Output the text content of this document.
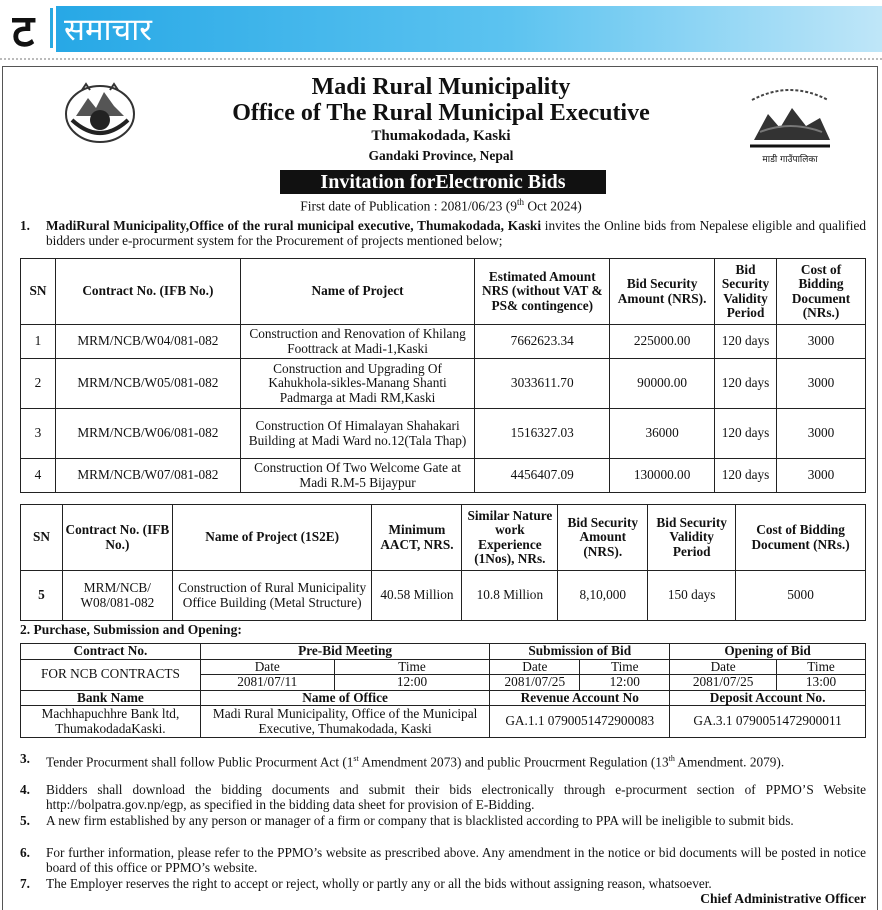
ट समाचार
माडी गाउँपालिका
Madi Rural Municipality
Office of The Rural Municipal Executive
Thumakodada, Kaski
Gandaki Province, Nepal
Invitation forElectronic Bids
First date of Publication : 2081/06/23 (9th Oct 2024)
1. MadiRural Municipality,Office of the rural municipal executive, Thumakodada, Kaski invites the Online bids from Nepalese eligible and qualified bidders under e-procurment system for the Procurement of projects mentioned below;
SN	Contract No. (IFB No.)	Name of Project	Estimated Amount NRS (without VAT & PS& contingence)	Bid Security Amount (NRS).	Bid Security Validity Period	Cost of Bidding Document (NRs.)
1	MRM/NCB/W04/081-082	Construction and Renovation of Khilang Foottrack at Madi-1,Kaski	7662623.34	225000.00	120 days	3000
2	MRM/NCB/W05/081-082	Construction and Upgrading Of Kahukhola-sikles-Manang Shanti Padmarga at Madi RM,Kaski	3033611.70	90000.00	120 days	3000
3	MRM/NCB/W06/081-082	Construction Of Himalayan Shahakari Building at Madi Ward no.12(Tala Thap)	1516327.03	36000	120 days	3000
4	MRM/NCB/W07/081-082	Construction Of Two Welcome Gate at Madi R.M-5 Bijaypur	4456407.09	130000.00	120 days	3000
SN	Contract No. (IFB No.)	Name of Project (1S2E)	Minimum AACT, NRS.	Similar Nature work Experience (1Nos), NRs.	Bid Security Amount (NRS).	Bid Security Validity Period	Cost of Bidding Document (NRs.)
5	MRM/NCB/ W08/081-082	Construction of Rural Municipality Office Building (Metal Structure)	40.58 Million	10.8 Million	8,10,000	150 days	5000
2. Purchase, Submission and Opening:
Contract No.	Pre-Bid Meeting		Submission of Bid		Opening of Bid	
FOR NCB CONTRACTS	Date	Time	Date	Time	Date	Time
	2081/07/11	12:00	2081/07/25	12:00	2081/07/25	13:00
Bank Name	Name of Office		Revenue Account No		Deposit Account No.	
Machhapuchhre Bank ltd, ThumakodadaKaski.	Madi Rural Municipality, Office of the Municipal Executive, Thumakodada, Kaski		GA.1.1 0790051472900083		GA.3.1 0790051472900011	
3. Tender Procurment shall follow Public Procurment Act (1st Amendment 2073) and public Proucrment Regulation (13th Amendment. 2079).
4. Bidders shall download the bidding documents and submit their bids electronically through e-procurment section of PPMO’S Website http://bolpatra.gov.np/egp, as specified in the bidding data sheet for provision of E-Bidding.
5. A new firm established by any person or manager of a firm or company that is blacklisted according to PPA will be ineligible to submit bids.
6. For further information, please refer to the PPMO’s website as prescribed above. Any amendment in the notice or bid documents will be posted in notice board of this office or PPMO’s website.
7. The Employer reserves the right to accept or reject, wholly or partly any or all the bids without assigning reason, whatsoever.
Chief Administrative Officer
